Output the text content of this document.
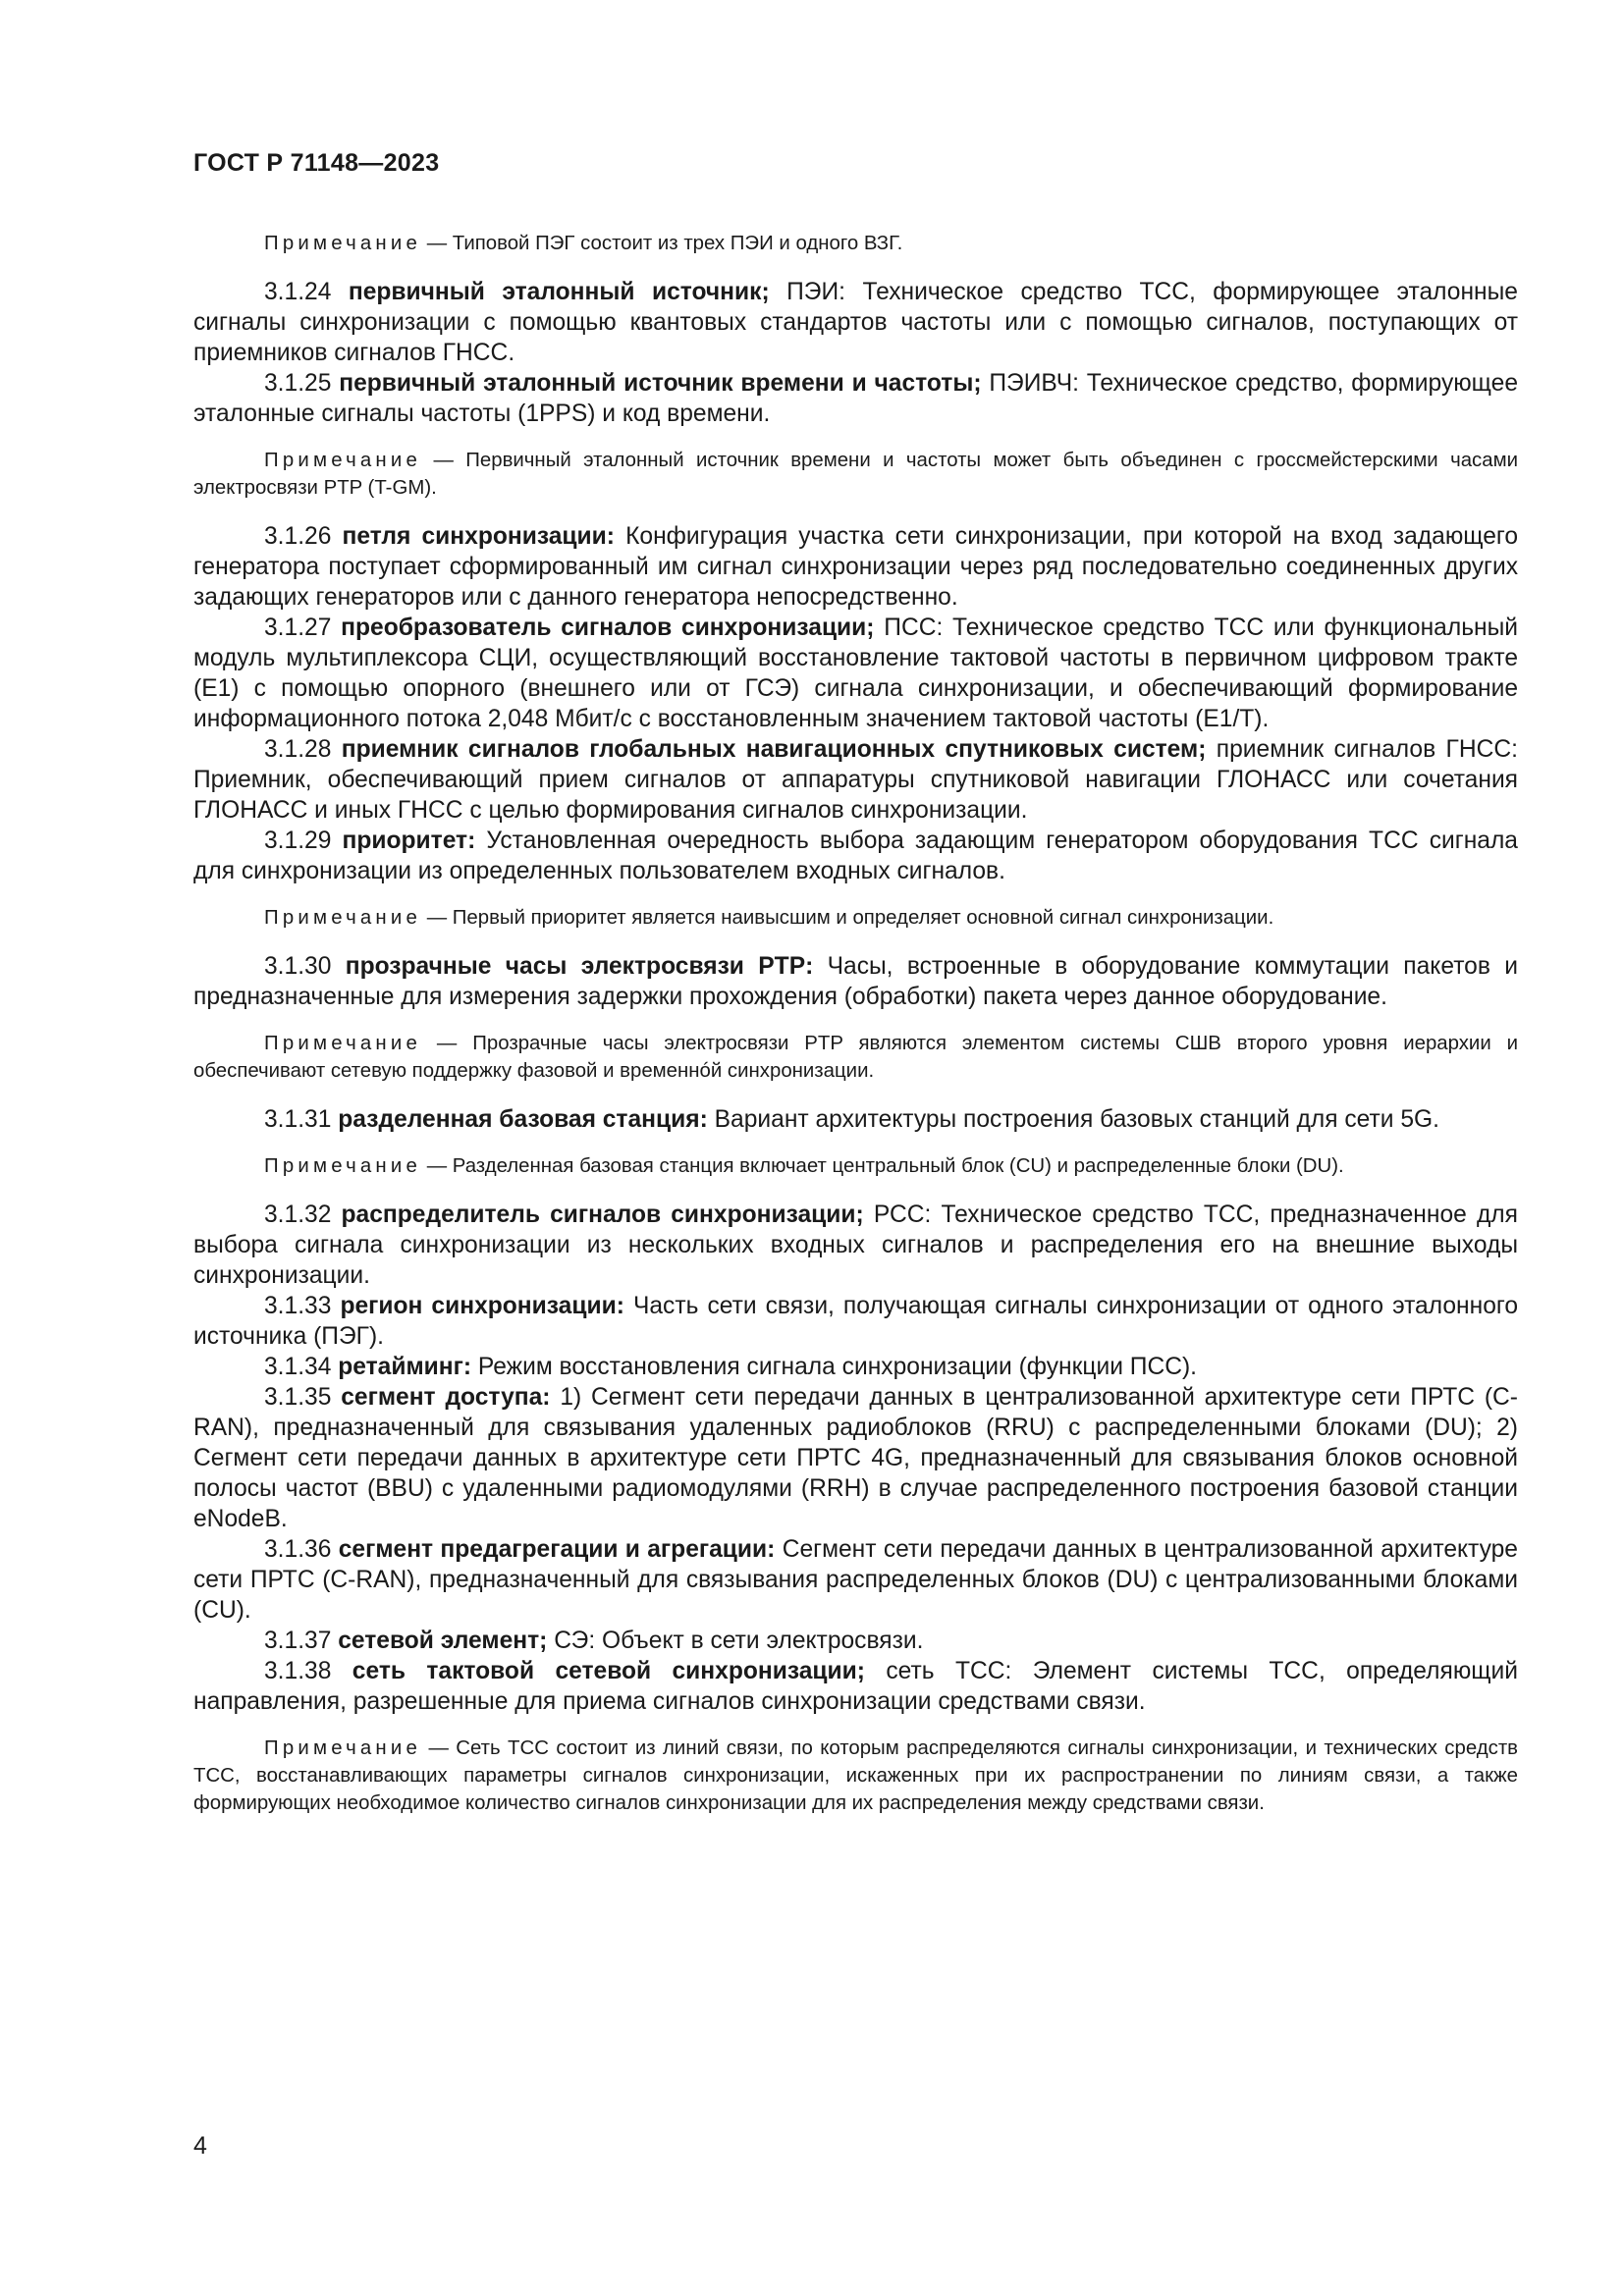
ГОСТ Р 71148—2023

Примечание — Типовой ПЭГ состоит из трех ПЭИ и одного ВЗГ.

3.1.24 первичный эталонный источник; ПЭИ: Техническое средство ТСС, формирующее эталонные сигналы синхронизации с помощью квантовых стандартов частоты или с помощью сигналов, поступающих от приемников сигналов ГНСС.

3.1.25 первичный эталонный источник времени и частоты; ПЭИВЧ: Техническое средство, формирующее эталонные сигналы частоты (1PPS) и код времени.

Примечание — Первичный эталонный источник времени и частоты может быть объединен с гроссмейстерскими часами электросвязи PTP (T-GM).

3.1.26 петля синхронизации: Конфигурация участка сети синхронизации, при которой на вход задающего генератора поступает сформированный им сигнал синхронизации через ряд последовательно соединенных других задающих генераторов или с данного генератора непосредственно.

3.1.27 преобразователь сигналов синхронизации; ПСС: Техническое средство ТСС или функциональный модуль мультиплексора СЦИ, осуществляющий восстановление тактовой частоты в первичном цифровом тракте (E1) с помощью опорного (внешнего или от ГСЭ) сигнала синхронизации, и обеспечивающий формирование информационного потока 2,048 Мбит/с с восстановленным значением тактовой частоты (E1/T).

3.1.28 приемник сигналов глобальных навигационных спутниковых систем; приемник сигналов ГНСС: Приемник, обеспечивающий прием сигналов от аппаратуры спутниковой навигации ГЛОНАСС или сочетания ГЛОНАСС и иных ГНСС с целью формирования сигналов синхронизации.

3.1.29 приоритет: Установленная очередность выбора задающим генератором оборудования ТСС сигнала для синхронизации из определенных пользователем входных сигналов.

Примечание — Первый приоритет является наивысшим и определяет основной сигнал синхронизации.

3.1.30 прозрачные часы электросвязи PTP: Часы, встроенные в оборудование коммутации пакетов и предназначенные для измерения задержки прохождения (обработки) пакета через данное оборудование.

Примечание — Прозрачные часы электросвязи PTP являются элементом системы СШВ второго уровня иерархии и обеспечивают сетевую поддержку фазовой и временнóй синхронизации.

3.1.31 разделенная базовая станция: Вариант архитектуры построения базовых станций для сети 5G.

Примечание — Разделенная базовая станция включает центральный блок (CU) и распределенные блоки (DU).

3.1.32 распределитель сигналов синхронизации; РСС: Техническое средство ТСС, предназначенное для выбора сигнала синхронизации из нескольких входных сигналов и распределения его на внешние выходы синхронизации.

3.1.33 регион синхронизации: Часть сети связи, получающая сигналы синхронизации от одного эталонного источника (ПЭГ).

3.1.34 ретайминг: Режим восстановления сигнала синхронизации (функции ПСС).

3.1.35 сегмент доступа: 1) Сегмент сети передачи данных в централизованной архитектуре сети ПРТС (C-RAN), предназначенный для связывания удаленных радиоблоков (RRU) с распределенными блоками (DU); 2) Сегмент сети передачи данных в архитектуре сети ПРТС 4G, предназначенный для связывания блоков основной полосы частот (BBU) с удаленными радиомодулями (RRH) в случае распределенного построения базовой станции eNodeB.

3.1.36 сегмент предагрегации и агрегации: Сегмент сети передачи данных в централизованной архитектуре сети ПРТС (C-RAN), предназначенный для связывания распределенных блоков (DU) с централизованными блоками (CU).

3.1.37 сетевой элемент; СЭ: Объект в сети электросвязи.

3.1.38 сеть тактовой сетевой синхронизации; сеть ТСС: Элемент системы ТСС, определяющий направления, разрешенные для приема сигналов синхронизации средствами связи.

Примечание — Сеть ТСС состоит из линий связи, по которым распределяются сигналы синхронизации, и технических средств ТСС, восстанавливающих параметры сигналов синхронизации, искаженных при их распространении по линиям связи, а также формирующих необходимое количество сигналов синхронизации для их распределения между средствами связи.

4
